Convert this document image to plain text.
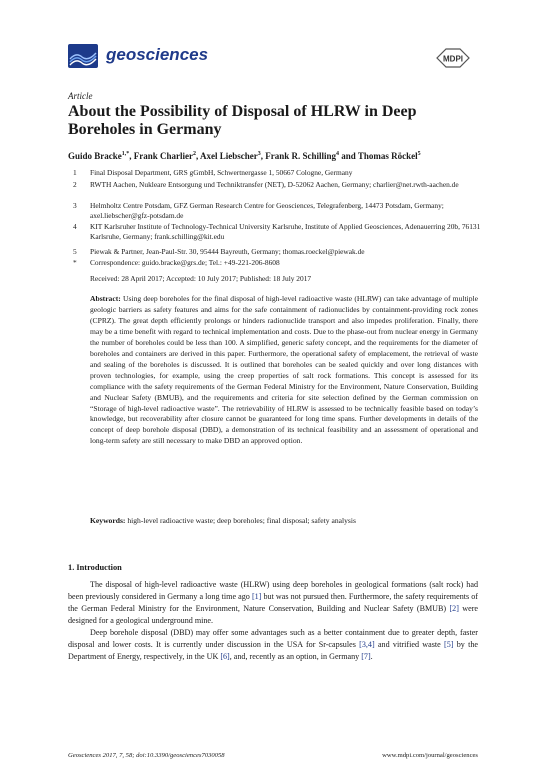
geosciences	MDPI
Article
About the Possibility of Disposal of HLRW in Deep Boreholes in Germany
Guido Bracke$^{1,*}$, Frank Charlier$^2$, Axel Liebscher$^3$, Frank R. Schilling$^4$ and Thomas Röckel$^5$
1 Final Disposal Department, GRS gGmbH, Schwertnergasse 1, 50667 Cologne, Germany
2 RWTH Aachen, Nukleare Entsorgung und Techniktransfer (NET), D-52062 Aachen, Germany; charlier@net.rwth-aachen.de
3 Helmholtz Centre Potsdam, GFZ German Research Centre for Geosciences, Telegrafenberg, 14473 Potsdam, Germany; axel.liebscher@gfz-potsdam.de
4 KIT Karlsruher Institute of Technology-Technical University Karlsruhe, Institute of Applied Geosciences, Adenauerring 20b, 76131 Karlsruhe, Germany; frank.schilling@kit.edu
5 Piewak & Partner, Jean-Paul-Str. 30, 95444 Bayreuth, Germany; thomas.roeckel@piewak.de
* Correspondence: guido.bracke@grs.de; Tel.: +49-221-206-8608
Received: 28 April 2017; Accepted: 10 July 2017; Published: 18 July 2017
Abstract: Using deep boreholes for the final disposal of high-level radioactive waste (HLRW) can take advantage of multiple geologic barriers as safety features and aims for the safe containment of radionuclides by containment-providing rock zones (CPRZ). The great depth efficiently prolongs or hinders radionuclide transport and also impedes proliferation. Finally, there may be a time benefit with regard to technical implementation and costs. Due to the phase-out from nuclear energy in Germany the number of boreholes could be less than 100. A simplified, generic safety concept, and the requirements for the diameter of boreholes and containers are derived in this paper. Furthermore, the operational safety of emplacement, the retrieval of waste and sealing of the boreholes is discussed. It is outlined that boreholes can be sealed quickly and over long distances with proven technologies, for example, using the creep properties of salt rock formations. This concept is assessed for its compliance with the safety requirements of the German Federal Ministry for the Environment, Nature Conservation, Building and Nuclear Safety (BMUB), and the requirements and criteria for site selection defined by the German commission on “Storage of high-level radioactive waste”. The retrievability of HLRW is assessed to be technically feasible based on today’s knowledge, but recoverability after closure cannot be guaranteed for long time spans. Further developments in details of the concept of deep borehole disposal (DBD), a demonstration of its technical feasibility and an assessment of operational and long-term safety are still necessary to make DBD an approved option.
Keywords: high-level radioactive waste; deep boreholes; final disposal; safety analysis
1. Introduction

The disposal of high-level radioactive waste (HLRW) using deep boreholes in geological formations (salt rock) had been previously considered in Germany a long time ago [1] but was not pursued then. Furthermore, the safety requirements of the German Federal Ministry for the Environment, Nature Conservation, Building and Nuclear Safety (BMUB) [2] were designed for a geological underground mine.

Deep borehole disposal (DBD) may offer some advantages such as a better containment due to greater depth, faster disposal and lower costs. It is currently under discussion in the USA for Sr-capsules [3,4] and vitrified waste [5] by the Department of Energy, respectively, in the UK [6], and, recently as an option, in Germany [7].

Geosciences 2017, 7, 58; doi:10.3390/geosciences7030058	www.mdpi.com/journal/geosciences
